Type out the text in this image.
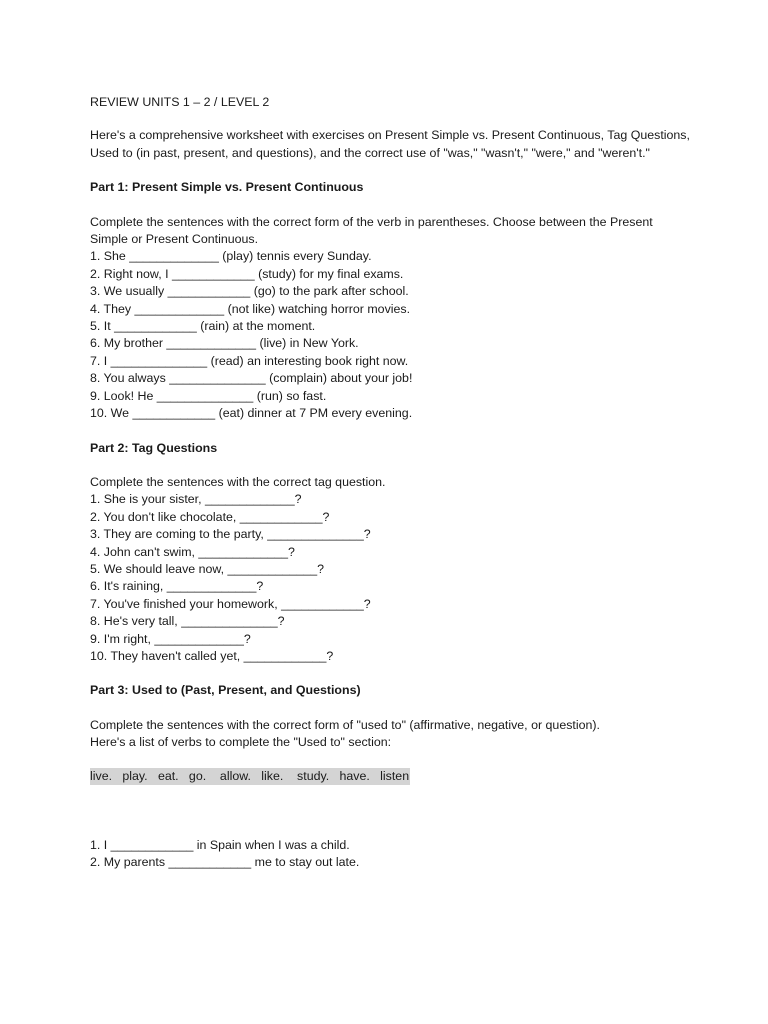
REVIEW UNITS 1 – 2 / LEVEL 2
Here's a comprehensive worksheet with exercises on Present Simple vs. Present Continuous, Tag Questions, Used to (in past, present, and questions), and the correct use of "was," "wasn't," "were," and "weren't."
Part 1: Present Simple vs. Present Continuous
Complete the sentences with the correct form of the verb in parentheses. Choose between the Present Simple or Present Continuous.
1. She _____________ (play) tennis every Sunday.
2. Right now, I ____________ (study) for my final exams.
3. We usually ____________ (go) to the park after school.
4. They _____________ (not like) watching horror movies.
5. It ____________ (rain) at the moment.
6. My brother _____________ (live) in New York.
7. I ______________ (read) an interesting book right now.
8. You always ______________ (complain) about your job!
9. Look! He ______________ (run) so fast.
10. We ____________ (eat) dinner at 7 PM every evening.
Part 2: Tag Questions
Complete the sentences with the correct tag question.
1. She is your sister, _____________?
2. You don't like chocolate, ____________?
3. They are coming to the party, ______________?
4. John can't swim, _____________?
5. We should leave now, _____________?
6. It's raining, _____________?
7. You've finished your homework, ____________?
8. He's very tall, ______________?
9. I'm right, _____________?
10. They haven't called yet, ____________?
Part 3: Used to (Past, Present, and Questions)
Complete the sentences with the correct form of "used to" (affirmative, negative, or question).
Here's a list of verbs to complete the "Used to" section:
live.   play.   eat.   go.    allow.   like.    study.   have.   listen
1. I ____________ in Spain when I was a child.
2. My parents ____________ me to stay out late.
